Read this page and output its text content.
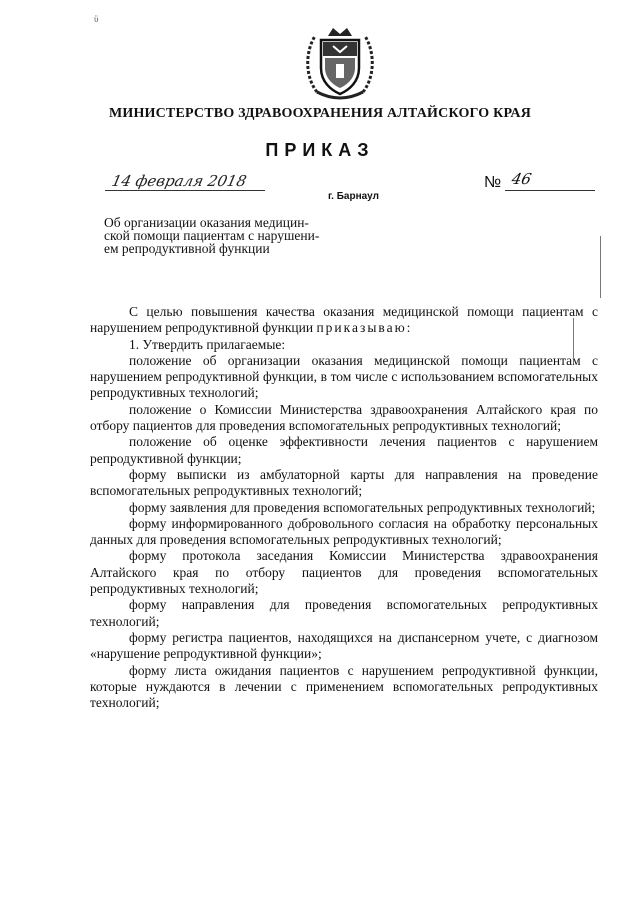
ϋ
МИНИСТЕРСТВО ЗДРАВООХРАНЕНИЯ АЛТАЙСКОГО КРАЯ
ПРИКАЗ
14 февраля 2018
г. Барнаул
№ 46
Об организации оказания медицин-
ской помощи пациентам с нарушени-
ем репродуктивной функции

С целью повышения качества оказания медицинской помощи пациентам с нарушением репродуктивной функции приказываю:

1. Утвердить прилагаемые:

положение об организации оказания медицинской помощи пациентам с нарушением репродуктивной функции, в том числе с использованием вспомогательных репродуктивных технологий;

положение о Комиссии Министерства здравоохранения Алтайского края по отбору пациентов для проведения вспомогательных репродуктивных технологий;

положение об оценке эффективности лечения пациентов с нарушением репродуктивной функции;

форму выписки из амбулаторной карты для направления на проведение вспомогательных репродуктивных технологий;

форму заявления для проведения вспомогательных репродуктивных технологий;

форму информированного добровольного согласия на обработку персональных данных для проведения вспомогательных репродуктивных технологий;

форму протокола заседания Комиссии Министерства здравоохранения Алтайского края по отбору пациентов для проведения вспомогательных репродуктивных технологий;

форму направления для проведения вспомогательных репродуктивных технологий;

форму регистра пациентов, находящихся на диспансерном учете, с диагнозом «нарушение репродуктивной функции»;

форму листа ожидания пациентов с нарушением репродуктивной функции, которые нуждаются в лечении с применением вспомогательных репродуктивных технологий;
